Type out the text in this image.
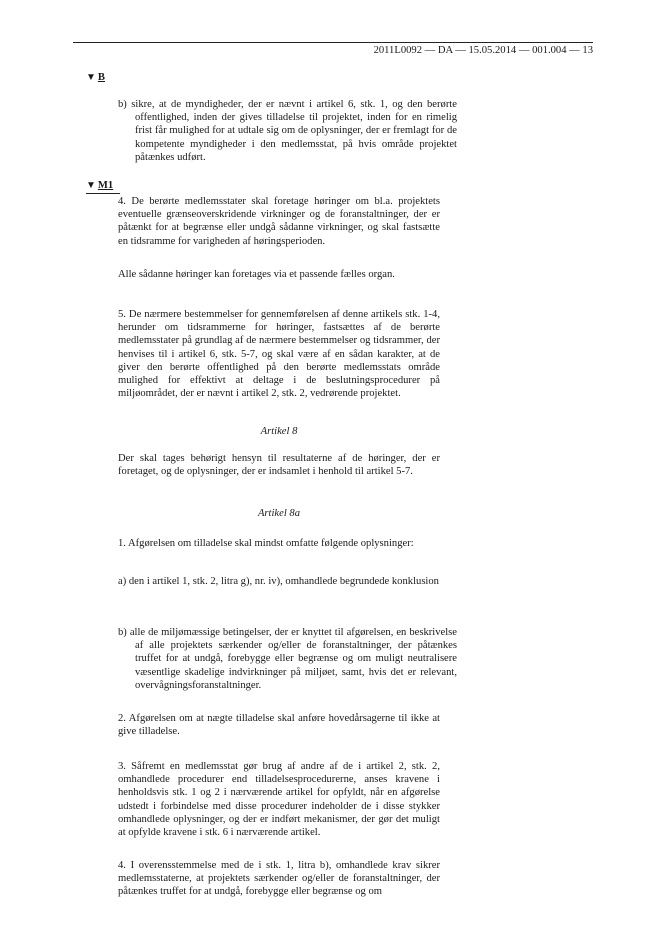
2011L0092 — DA — 15.05.2014 — 001.004 — 13
▼ B
b) sikre, at de myndigheder, der er nævnt i artikel 6, stk. 1, og den berørte offentlighed, inden der gives tilladelse til projektet, inden for en rimelig frist får mulighed for at udtale sig om de oplysninger, der er fremlagt for de kompetente myndigheder i den medlemsstat, på hvis område projektet påtænkes udført.
▼ M1
4. De berørte medlemsstater skal foretage høringer om bl.a. projektets eventuelle grænseoverskridende virkninger og de foranstaltninger, der er påtænkt for at begrænse eller undgå sådanne virkninger, og skal fastsætte en tidsramme for varigheden af høringsperioden.
Alle sådanne høringer kan foretages via et passende fælles organ.
5. De nærmere bestemmelser for gennemførelsen af denne artikels stk. 1-4, herunder om tidsrammerne for høringer, fastsættes af de berørte medlemsstater på grundlag af de nærmere bestemmelser og tidsrammer, der henvises til i artikel 6, stk. 5-7, og skal være af en sådan karakter, at de giver den berørte offentlighed på den berørte medlemsstats område mulighed for effektivt at deltage i de beslutningsprocedurer på miljøområdet, der er nævnt i artikel 2, stk. 2, vedrørende projektet.
Artikel 8
Der skal tages behørigt hensyn til resultaterne af de høringer, der er foretaget, og de oplysninger, der er indsamlet i henhold til artikel 5-7.
Artikel 8a
1. Afgørelsen om tilladelse skal mindst omfatte følgende oplysninger:
a) den i artikel 1, stk. 2, litra g), nr. iv), omhandlede begrundede konklusion
b) alle de miljømæssige betingelser, der er knyttet til afgørelsen, en beskrivelse af alle projektets særkender og/eller de foranstaltninger, der påtænkes truffet for at undgå, forebygge eller begrænse og om muligt neutralisere væsentlige skadelige indvirkninger på miljøet, samt, hvis det er relevant, overvågningsforanstaltninger.
2. Afgørelsen om at nægte tilladelse skal anføre hovedårsagerne til ikke at give tilladelse.
3. Såfremt en medlemsstat gør brug af andre af de i artikel 2, stk. 2, omhandlede procedurer end tilladelsesprocedurerne, anses kravene i henholdsvis stk. 1 og 2 i nærværende artikel for opfyldt, når en afgørelse udstedt i forbindelse med disse procedurer indeholder de i disse stykker omhandlede oplysninger, og der er indført mekanismer, der gør det muligt at opfylde kravene i stk. 6 i nærværende artikel.
4. I overensstemmelse med de i stk. 1, litra b), omhandlede krav sikrer medlemsstaterne, at projektets særkender og/eller de foranstaltninger, der påtænkes truffet for at undgå, forebygge eller begrænse og om
